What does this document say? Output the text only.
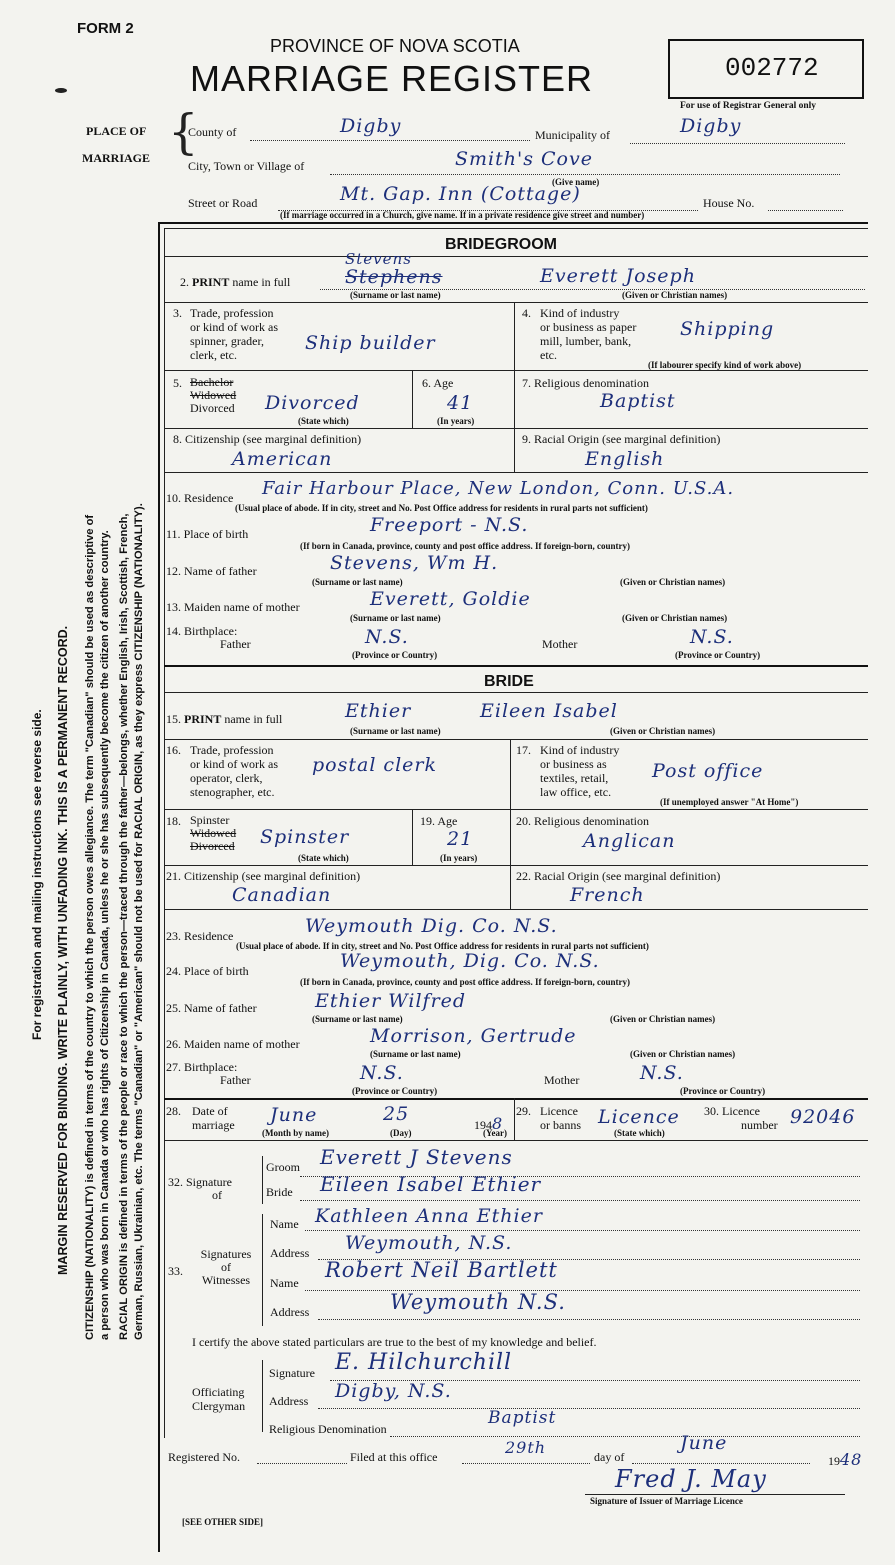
For registration and mailing instructions see reverse side. MARGIN RESERVED FOR BINDING. WRITE PLAINLY, WITH UNFADING INK. THIS IS A PERMANENT RECORD. CITIZENSHIP (NATIONALITY) is defined in terms of the country to which the person owes allegiance. The term "Canadian" should be used as descriptive of a person who was born in Canada or who has rights of Citizenship in Canada, unless he or she has subsequently become the citizen of another country. RACIAL ORIGIN is defined in terms of the people or race to which the person—traced through the father—belongs, whether English, Irish, Scottish, French, German, Russian, Ukrainian, etc. The terms "Canadian" or "American" should not be used for RACIAL ORIGIN, as they express CITIZENSHIP (NATIONALITY).
FORM 2
PROVINCE OF NOVA SCOTIA
MARRIAGE REGISTER	002772
For use of Registrar General only
PLACE OF
MARRIAGE {
County of	Digby	Municipality of	Digby
City, Town or Village of	Smith's Cove
(Give name)
Street or Road	Mt. Gap. Inn (Cottage)	House No.
(If marriage occurred in a Church, give name. If in a private residence give street and number)
BRIDEGROOM
2. PRINT name in full
Stevens
Stephens	Everett Joseph
(Surname or last name)	(Given or Christian names)
3. Trade, profession
or kind of work as
spinner, grader,
clerk, etc.
Ship builder
4. Kind of industry
or business as paper
mill, lumber, bank,
etc.
Shipping
(If labourer specify kind of work above)
5. Bachelor
Widowed
Divorced Divorced
(State which)
6. Age
41
(In years)
7. Religious denomination
Baptist
8. Citizenship (see marginal definition)
American
9. Racial Origin (see marginal definition)
English
10. Residence Fair Harbour Place, New London, Conn. U.S.A.
(Usual place of abode. If in city, street and No. Post Office address for residents in rural parts not sufficient)
11. Place of birth	Freeport - N.S.
(If born in Canada, province, county and post office address. If foreign-born, country)
12. Name of father	Stevens, Wm H.
(Surname or last name)	(Given or Christian names)
13. Maiden name of mother	Everett, Goldie
(Surname or last name)	(Given or Christian names)
14. Birthplace:
Father	N.S.
(Province or Country)
Mother	N.S.
(Province or Country)
BRIDE
15. PRINT name in full	Ethier	Eileen Isabel
(Surname or last name)	(Given or Christian names)
16. Trade, profession
or kind of work as
operator, clerk,
stenographer, etc.
postal clerk
17. Kind of industry
or business as
textiles, retail,
law office, etc.
Post office
(If unemployed answer "At Home")
18. Spinster
Widowed
Divorced Spinster
(State which)
19. Age
21
(In years)
20. Religious denomination
Anglican
21. Citizenship (see marginal definition)
Canadian
22. Racial Origin (see marginal definition)
French
23. Residence	Weymouth Dig. Co. N.S.
(Usual place of abode. If in city, street and No. Post Office address for residents in rural parts not sufficient)
24. Place of birth	Weymouth, Dig. Co. N.S.
(If born in Canada, province, county and post office address. If foreign-born, country)
25. Name of father	Ethier Wilfred
(Surname or last name)	(Given or Christian names)
26. Maiden name of mother	Morrison, Gertrude
(Surname or last name)	(Given or Christian names)
27. Birthplace:
Father	N.S.
(Province or Country)
Mother	N.S.
(Province or Country)
28. Date of
marriage June	25	1948
(Month by name)	(Day)	(Year)
29. Licence
or banns Licence
(State which)
30. Licence
number 92046
32. Signature
of
Groom Everett J Stevens
Bride Eileen Isabel Ethier
33.
Signatures
of
Witnesses
Name Kathleen Anna Ethier
Address Weymouth, N.S.
Name
Robert Neil Bartlett
Address	Weymouth N.S.
I certify the above stated particulars are true to the best of my knowledge and belief.
Officiating
Clergyman
Signature E. Hilchurchill
Address Digby, N.S.
Religious Denomination
Baptist
Registered No.	Filed at this office	29th	day of
June
1948
Fred J. May
Signature of Issuer of Marriage Licence
[SEE OTHER SIDE]
